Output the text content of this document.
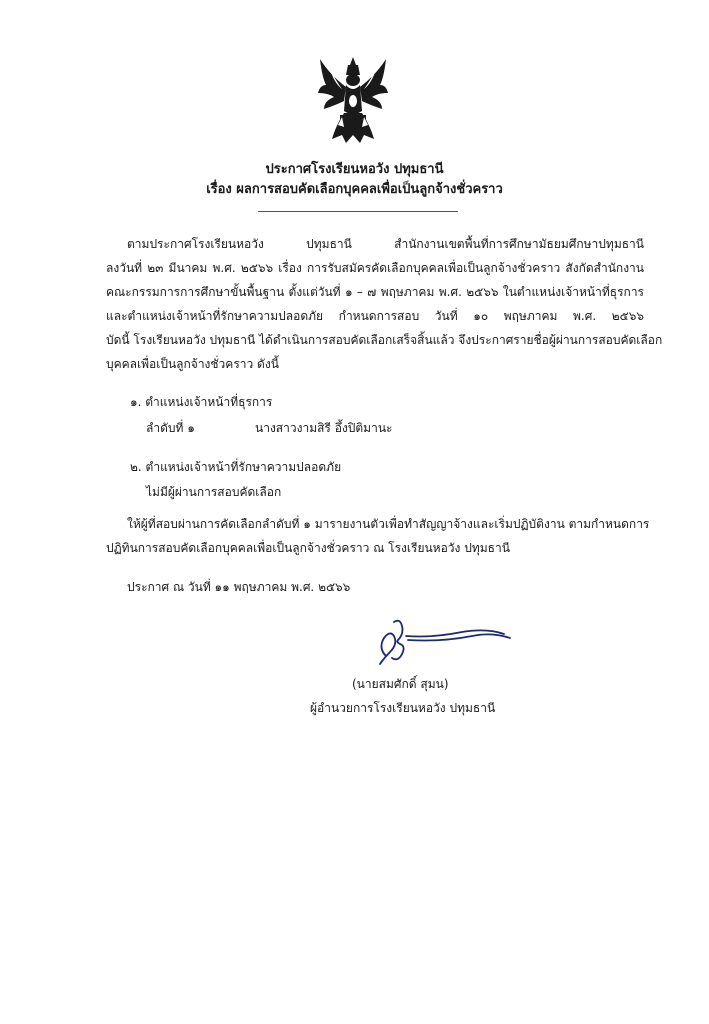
ประกาศโรงเรียนหอวัง ปทุมธานี
เรื่อง ผลการสอบคัดเลือกบุคคลเพื่อเป็นลูกจ้างชั่วคราว
ตามประกาศโรงเรียนหอวัง ปทุมธานี สำนักงานเขตพื้นที่การศึกษามัธยมศึกษาปทุมธานี
ลงวันที่ ๒๓ มีนาคม พ.ศ. ๒๕๖๖ เรื่อง การรับสมัครคัดเลือกบุคคลเพื่อเป็นลูกจ้างชั่วคราว สังกัดสำนักงาน
คณะกรรมการการศึกษาขั้นพื้นฐาน ตั้งแต่วันที่ ๑ – ๗ พฤษภาคม พ.ศ. ๒๕๖๖ ในตำแหน่งเจ้าหน้าที่ธุรการ
และตำแหน่งเจ้าหน้าที่รักษาความปลอดภัย กำหนดการสอบ วันที่ ๑๐ พฤษภาคม พ.ศ. ๒๕๖๖
บัดนี้ โรงเรียนหอวัง ปทุมธานี ได้ดำเนินการสอบคัดเลือกเสร็จสิ้นแล้ว จึงประกาศรายชื่อผู้ผ่านการสอบคัดเลือก
บุคคลเพื่อเป็นลูกจ้างชั่วคราว ดังนี้
๑. ตำแหน่งเจ้าหน้าที่ธุรการ
ลำดับที่ ๑	นางสาวงามสิรี อึ้งปิติมานะ
๒. ตำแหน่งเจ้าหน้าที่รักษาความปลอดภัย
ไม่มีผู้ผ่านการสอบคัดเลือก
ให้ผู้ที่สอบผ่านการคัดเลือกลำดับที่ ๑ มารายงานตัวเพื่อทำสัญญาจ้างและเริ่มปฏิบัติงาน ตามกำหนดการ
ปฏิทินการสอบคัดเลือกบุคคลเพื่อเป็นลูกจ้างชั่วคราว ณ โรงเรียนหอวัง ปทุมธานี
ประกาศ ณ วันที่ ๑๑ พฤษภาคม พ.ศ. ๒๕๖๖
(นายสมศักดิ์ สุมน)
ผู้อำนวยการโรงเรียนหอวัง ปทุมธานี
